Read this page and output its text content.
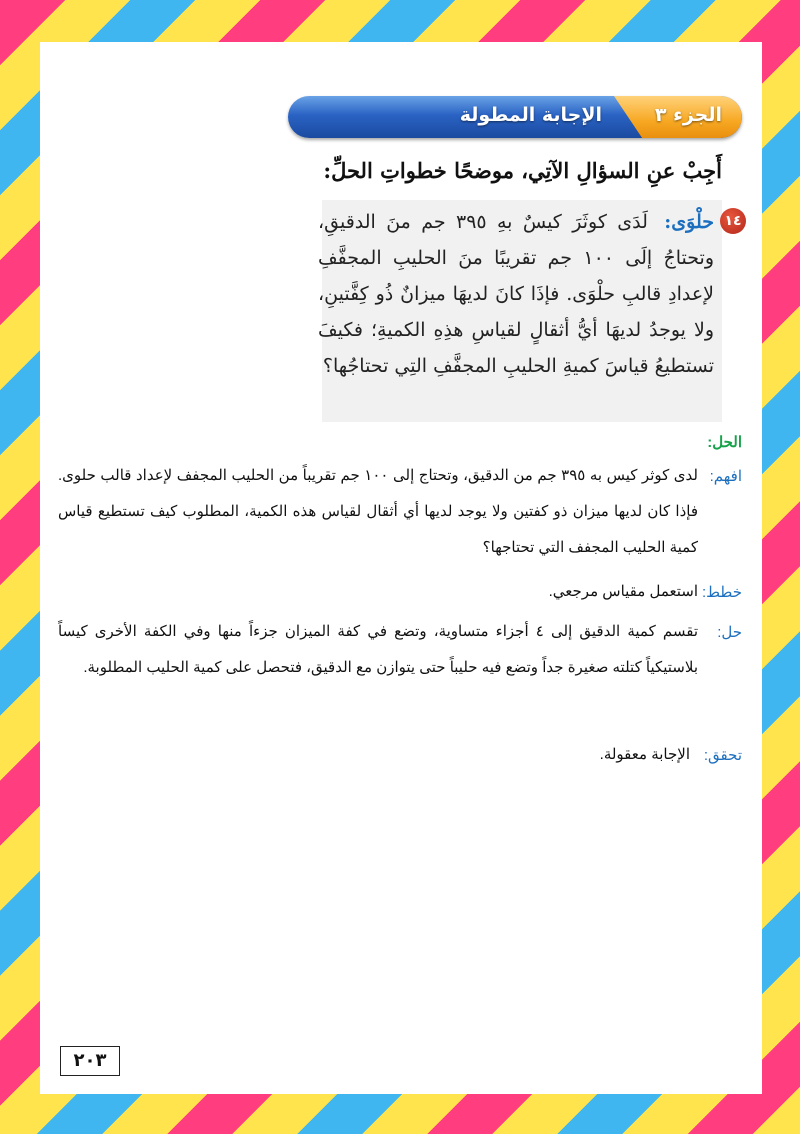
الجزء ٣
الإجابة المطولة
أَجِبْ عنِ السؤالِ الآتِي، موضحًا خطواتِ الحلِّ:
١٤
حلْوَى: لَدَى كوثَرَ كيسٌ بهِ ٣٩٥ جم منَ الدقيقِ، وتحتاجُ إلَى ١٠٠ جم تقريبًا منَ الحليبِ المجفَّفِ لإعدادِ قالبِ حلْوَى. فإذَا كانَ لديهَا ميزانٌ ذُو كِفَّتينِ، ولا يوجدُ لديهَا أيُّ أثقالٍ لقياسِ هذِهِ الكميةِ؛ فكيفَ تستطيعُ قياسَ كميةِ الحليبِ المجفَّفِ التِي تحتاجُها؟
الحل:
افهم:
لدى كوثر كيس به ٣٩٥ جم من الدقيق، وتحتاج إلى ١٠٠ جم تقريباً من الحليب المجفف لإعداد قالب حلوى. فإذا كان لديها ميزان ذو كفتين ولا يوجد لديها أي أثقال لقياس هذه الكمية، المطلوب كيف تستطيع قياس كمية الحليب المجفف التي تحتاجها؟
خطط:
استعمل مقياس مرجعي.
حل:
تقسم كمية الدقيق إلى ٤ أجزاء متساوية، وتضع في كفة الميزان جزءاً منها وفي الكفة الأخرى كيساً بلاستيكياً كتلته صغيرة جداً وتضع فيه حليباً حتى يتوازن مع الدقيق، فتحصل على كمية الحليب المطلوبة.
تحقق:
الإجابة معقولة.
٢٠٣
